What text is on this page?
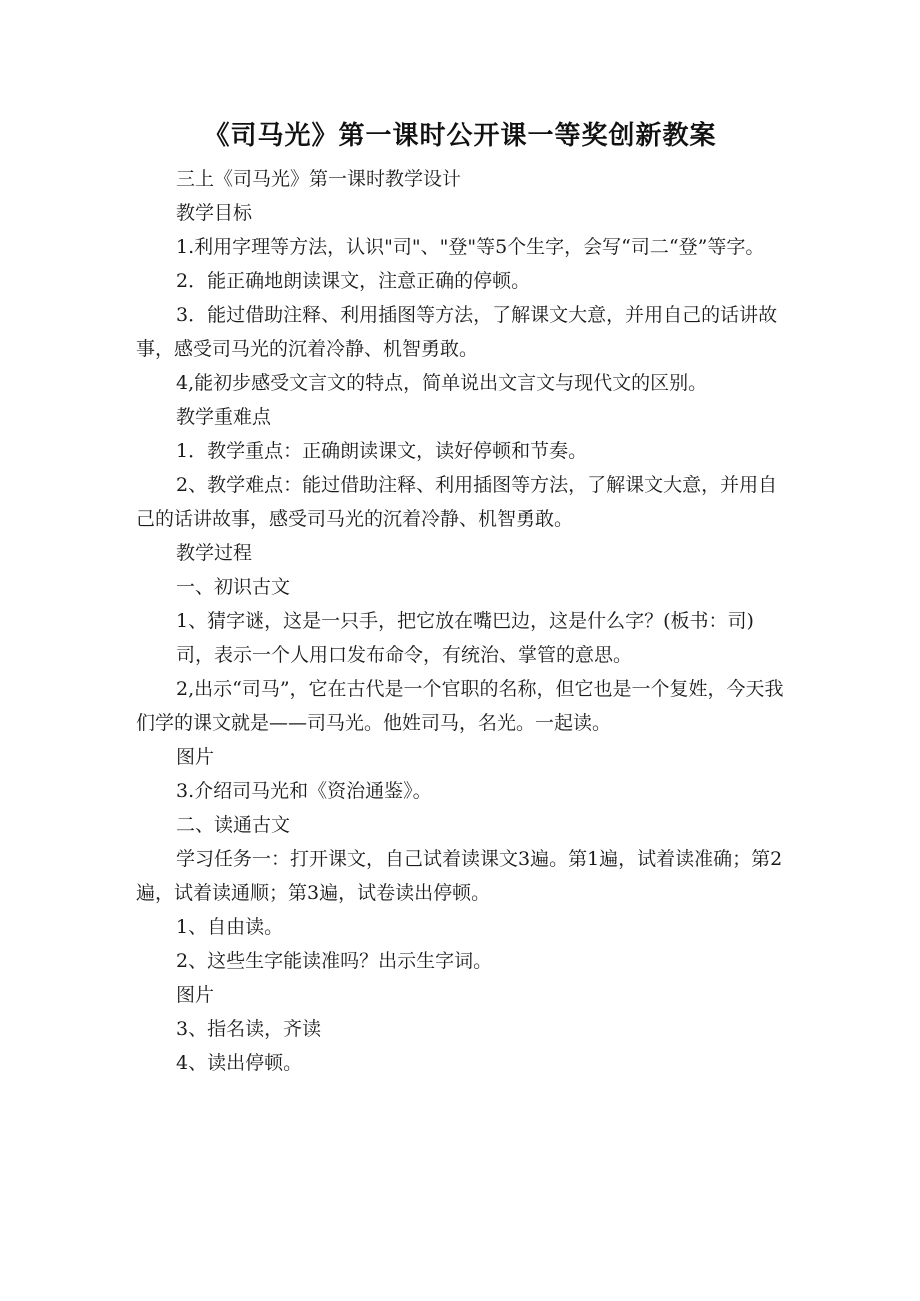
《司马光》第一课时公开课一等奖创新教案

三上《司马光》第一课时教学设计

教学目标

1.利用字理等方法，认识"司"、"登"等5个生字，会写“司二“登”等字。

2．能正确地朗读课文，注意正确的停顿。

3．能过借助注释、利用插图等方法，了解课文大意，并用自己的话讲故事，感受司马光的沉着冷静、机智勇敢。

4,能初步感受文言文的特点，简单说出文言文与现代文的区别。

教学重难点

1．教学重点：正确朗读课文，读好停顿和节奏。

2、教学难点：能过借助注释、利用插图等方法，了解课文大意，并用自己的话讲故事，感受司马光的沉着冷静、机智勇敢。

教学过程

一、初识古文

1、猜字谜，这是一只手，把它放在嘴巴边，这是什么字？(板书：司)

司，表示一个人用口发布命令，有统治、掌管的意思。

2,出示“司马”，它在古代是一个官职的名称，但它也是一个复姓，今天我们学的课文就是——司马光。他姓司马，名光。一起读。

图片

3.介绍司马光和《资治通鉴》。

二、读通古文

学习任务一：打开课文，自己试着读课文3遍。第1遍，试着读准确；第2遍，试着读通顺；第3遍，试卷读出停顿。

1、自由读。

2、这些生字能读准吗？出示生字词。

图片

3、指名读，齐读

4、读出停顿。
